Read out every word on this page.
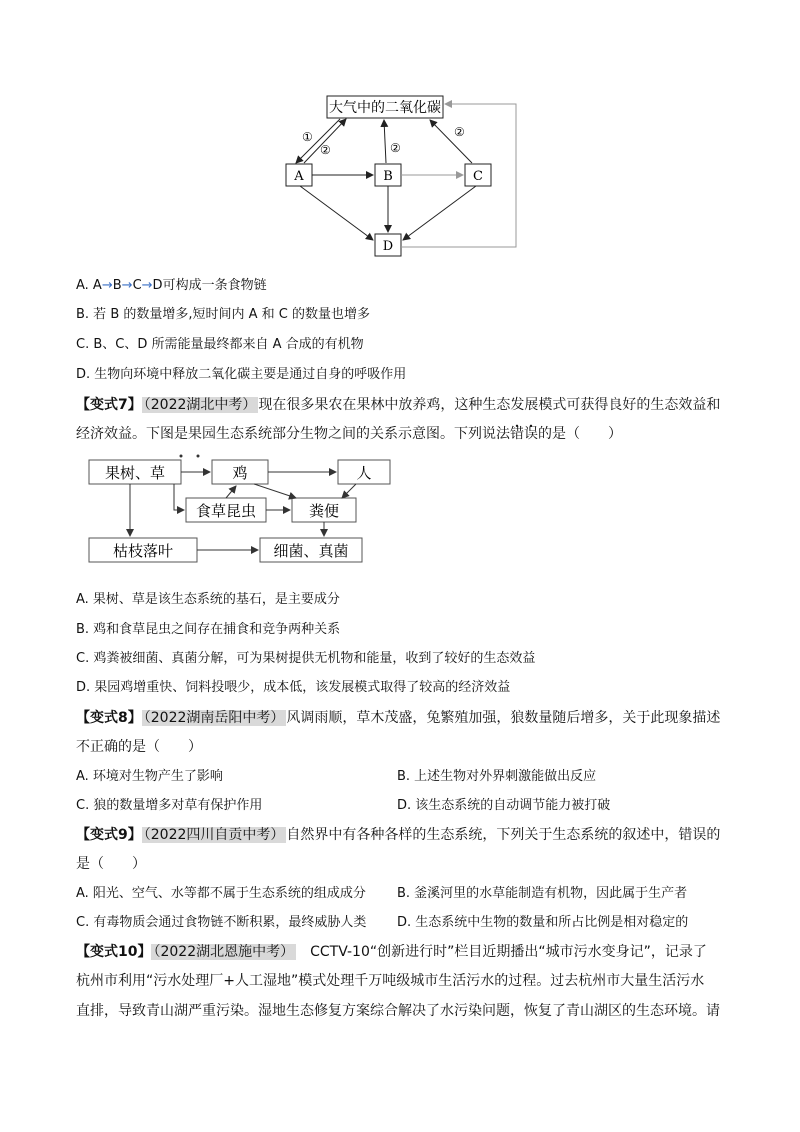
大气中的二氧化碳
A	B	C
D
①
②	②
②
A. A→B→C→D可构成一条食物链
B. 若 B 的数量增多,短时间内 A 和 C 的数量也增多
C. B、C、D 所需能量最终都来自 A 合成的有机物
D. 生物向环境中释放二氧化碳主要是通过自身的呼吸作用
【变式7】 （2022湖北中考） 现在很多果农在果林中放养鸡，这种生态发展模式可获得良好的生态效益和
经济效益。下图是果园生态系统部分生物之间的关系示意图。下列说法错误的是（　　）
果树、草	鸡	人
食草昆虫	粪便
枯枝落叶	细菌、真菌
A. 果树、草是该生态系统的基石，是主要成分
B. 鸡和食草昆虫之间存在捕食和竞争两种关系
C. 鸡粪被细菌、真菌分解，可为果树提供无机物和能量，收到了较好的生态效益
D. 果园鸡增重快、饲料投喂少，成本低，该发展模式取得了较高的经济效益
【变式8】 （2022湖南岳阳中考） 风调雨顺，草木茂盛，兔繁殖加强，狼数量随后增多，关于此现象描述
不正确的是（　　）
A. 环境对生物产生了影响	B. 上述生物对外界刺激能做出反应
C. 狼的数量增多对草有保护作用	D. 该生态系统的自动调节能力被打破
【变式9】 （2022四川自贡中考） 自然界中有各种各样的生态系统，下列关于生态系统的叙述中，错误的
是（　　）
A. 阳光、空气、水等都不属于生态系统的组成成分 B. 釜溪河里的水草能制造有机物，因此属于生产者
C. 有毒物质会通过食物链不断积累，最终威胁人类 D. 生态系统中生物的数量和所占比例是相对稳定的
【变式10】 （2022湖北恩施中考） CCTV-10“创新进行时”栏目近期播出“城市污水变身记”，记录了
杭州市利用“污水处理厂+人工湿地”模式处理千万吨级城市生活污水的过程。过去杭州市大量生活污水
直排，导致青山湖严重污染。湿地生态修复方案综合解决了水污染问题，恢复了青山湖区的生态环境。请
